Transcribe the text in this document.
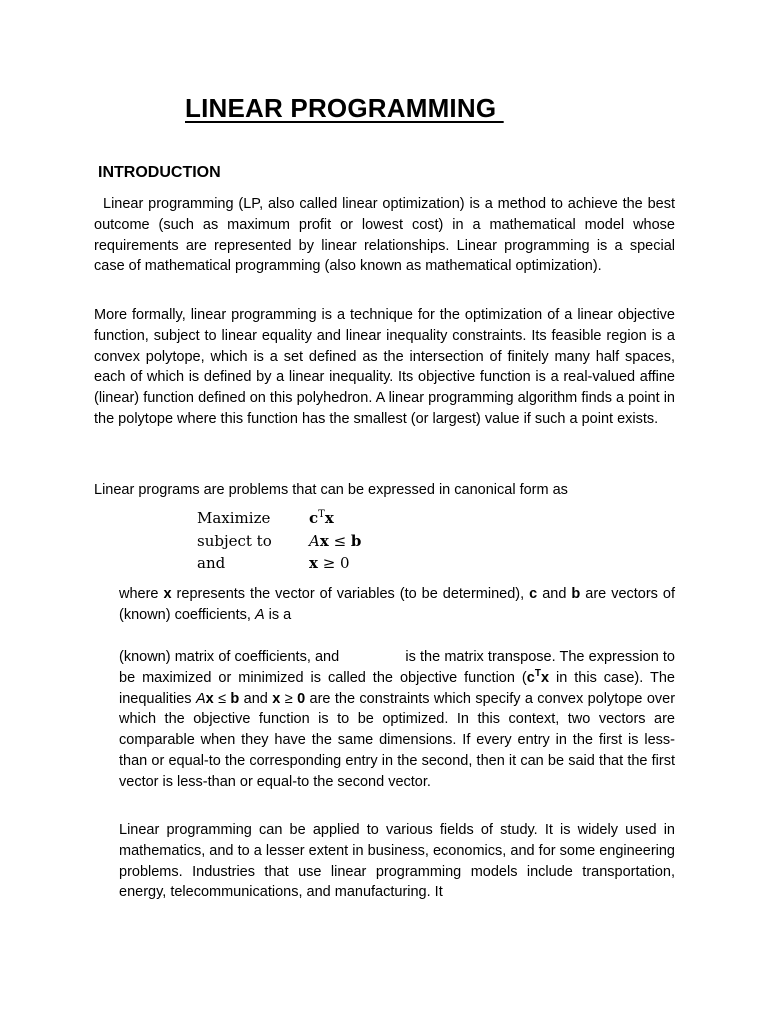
LINEAR PROGRAMMING
INTRODUCTION

Linear programming (LP, also called linear optimization) is a method to achieve the best outcome (such as maximum profit or lowest cost) in a mathematical model whose requirements are represented by linear relationships. Linear programming is a special case of mathematical programming (also known as mathematical optimization).

More formally, linear programming is a technique for the optimization of a linear objective function, subject to linear equality and linear inequality constraints. Its feasible region is a convex polytope, which is a set defined as the intersection of finitely many half spaces, each of which is defined by a linear inequality. Its objective function is a real-valued affine (linear) function defined on this polyhedron. A linear programming algorithm finds a point in the polytope where this function has the smallest (or largest) value if such a point exists.

Linear programs are problems that can be expressed in canonical form as

Maximize	$c^Tx$
subject to Ax ≤ b
and	x ≥ 0

where x represents the vector of variables (to be determined), c and b are vectors of (known) coefficients, A is a

(known) matrix of coefficients, and                is the matrix transpose. The expression to be maximized or minimized is called the objective function ($c^Tx$ in this case). The inequalities Ax ≤ b and x ≥ 0 are the constraints which specify a convex polytope over which the objective function is to be optimized. In this context, two vectors are comparable when they have the same dimensions. If every entry in the first is less-than or equal-to the corresponding entry in the second, then it can be said that the first vector is less-than or equal-to the second vector.

Linear programming can be applied to various fields of study. It is widely used in mathematics, and to a lesser extent in business, economics, and for some engineering problems. Industries that use linear programming models include transportation, energy, telecommunications, and manufacturing. It
